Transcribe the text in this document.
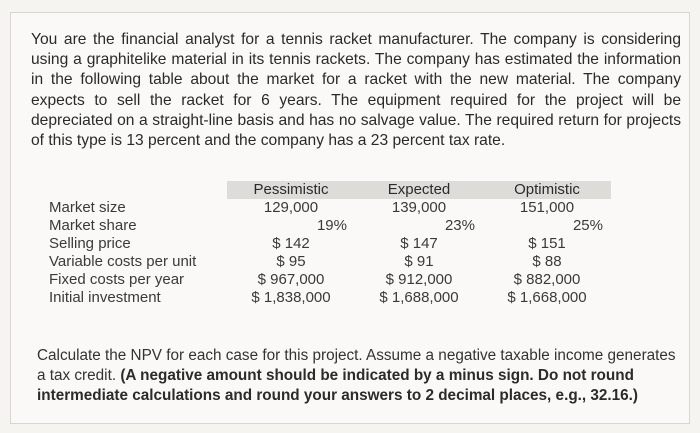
You are the financial analyst for a tennis racket manufacturer. The company is considering using a graphitelike material in its tennis rackets. The company has estimated the information in the following table about the market for a racket with the new material. The company expects to sell the racket for 6 years. The equipment required for the project will be depreciated on a straight-line basis and has no salvage value. The required return for projects of this type is 13 percent and the company has a 23 percent tax rate.

	Pessimistic	Expected	Optimistic
Market size	129,000	139,000	151,000
Market share	19%	23%	25%
Selling price	$ 142	$ 147	$ 151
Variable costs per unit	$ 95	$ 91	$ 88
Fixed costs per year	$ 967,000	$ 912,000	$ 882,000
Initial investment	$ 1,838,000	$ 1,688,000	$ 1,668,000

Calculate the NPV for each case for this project. Assume a negative taxable income generates a tax credit. (A negative amount should be indicated by a minus sign. Do not round intermediate calculations and round your answers to 2 decimal places, e.g., 32.16.)
